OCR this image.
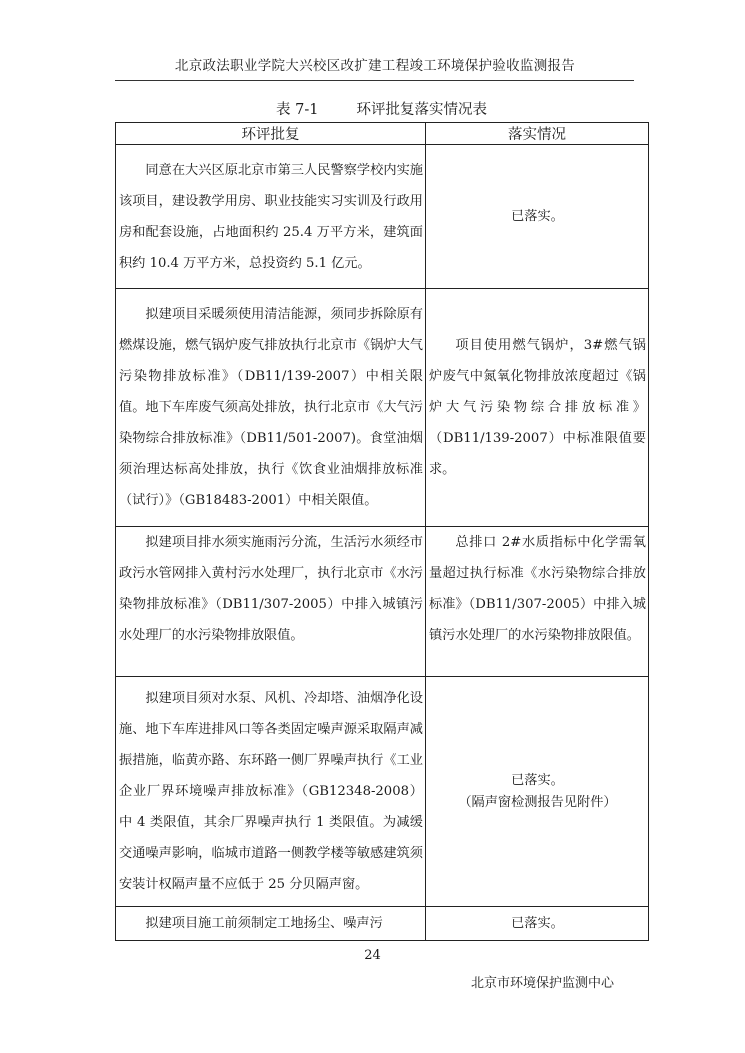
北京政法职业学院大兴校区改扩建工程竣工环境保护验收监测报告
表 7-1	环评批复落实情况表
环评批复	落实情况

同意在大兴区原北京市第三人民警察学校内实施该项目，建设教学用房、职业技能实习实训及行政用房和配套设施，占地面积约 25.4 万平方米，建筑面积约 10.4 万平方米，总投资约 5.1 亿元。	已落实。

拟建项目采暖须使用清洁能源，须同步拆除原有燃煤设施，燃气锅炉废气排放执行北京市《锅炉大气污染物排放标准》（DB11/139-2007）中相关限值。地下车库废气须高处排放，执行北京市《大气污染物综合排放标准》（DB11/501-2007)。食堂油烟须治理达标高处排放，执行《饮食业油烟排放标准（试行）》（GB18483-2001）中相关限值。	项目使用燃气锅炉，3#燃气锅炉废气中氮氧化物排放浓度超过《锅炉大气污染物综合排放标准》（DB11/139-2007）中标准限值要求。

拟建项目排水须实施雨污分流，生活污水须经市政污水管网排入黄村污水处理厂，执行北京市《水污染物排放标准》（DB11/307-2005）中排入城镇污水处理厂的水污染物排放限值。	总排口 2#水质指标中化学需氧量超过执行标准《水污染物综合排放标准》（DB11/307-2005）中排入城镇污水处理厂的水污染物排放限值。

拟建项目须对水泵、风机、冷却塔、油烟净化设施、地下车库进排风口等各类固定噪声源采取隔声减振措施，临黄亦路、东环路一侧厂界噪声执行《工业企业厂界环境噪声排放标准》（GB12348-2008）中 4 类限值，其余厂界噪声执行 1 类限值。为减缓交通噪声影响，临城市道路一侧教学楼等敏感建筑须安装计权隔声量不应低于 25 分贝隔声窗。	已落实。
（隔声窗检测报告见附件）

拟建项目施工前须制定工地扬尘、噪声污	已落实。
24
北京市环境保护监测中心
